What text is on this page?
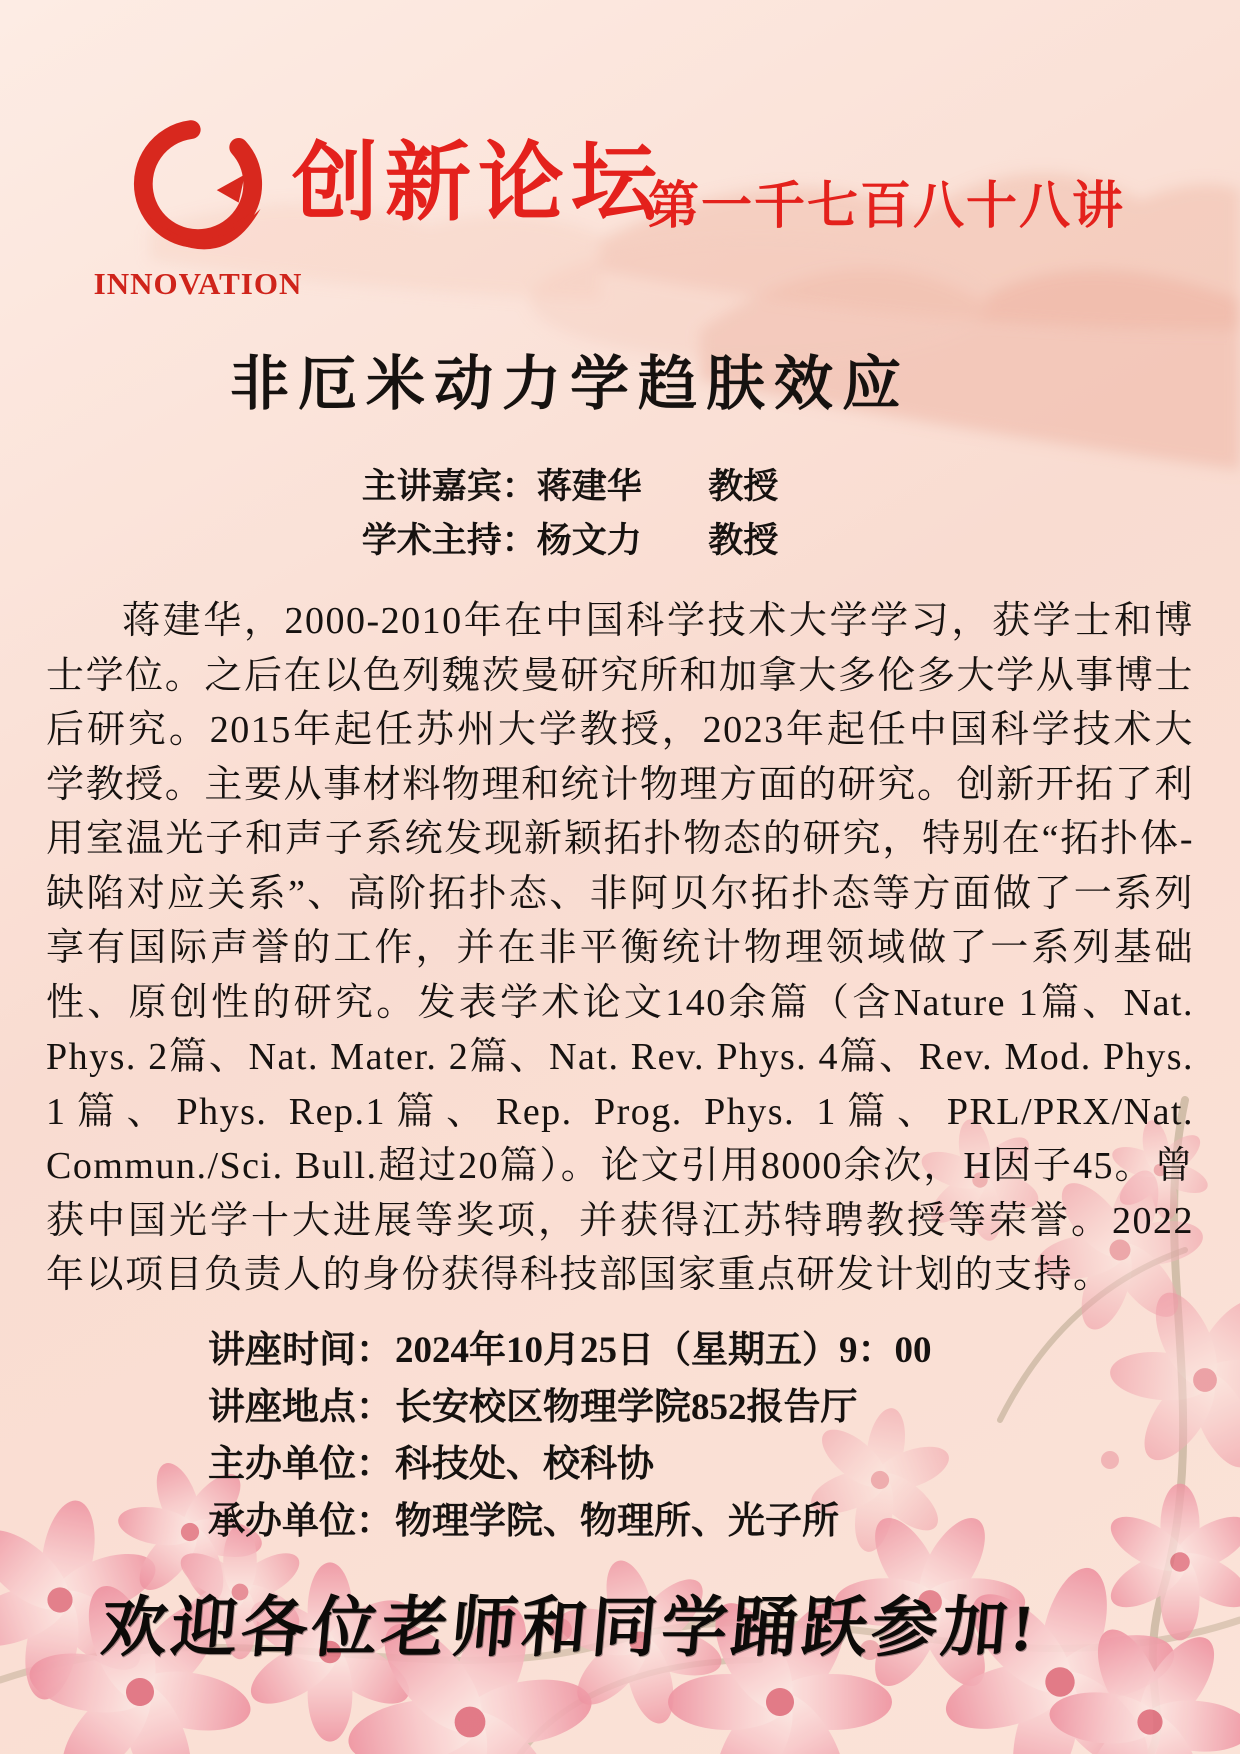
INNOVATION
创新论坛
第一千七百八十八讲
非厄米动力学趋肤效应
主讲嘉宾：蒋建华 教授
学术主持：杨文力 教授

蒋建华，2000-2010年在中国科学技术大学学习，获学士和博士学位。之后在以色列魏茨曼研究所和加拿大多伦多大学从事博士后研究。2015年起任苏州大学教授，2023年起任中国科学技术大学教授。主要从事材料物理和统计物理方面的研究。创新开拓了利用室温光子和声子系统发现新颖拓扑物态的研究，特别在“拓扑体-缺陷对应关系”、高阶拓扑态、非阿贝尔拓扑态等方面做了一系列享有国际声誉的工作，并在非平衡统计物理领域做了一系列基础性、原创性的研究。发表学术论文140余篇（含Nature 1篇、Nat. Phys. 2篇、Nat. Mater. 2篇、Nat. Rev. Phys. 4篇、Rev. Mod. Phys. 1篇、Phys. Rep.1篇、Rep. Prog. Phys. 1篇、PRL/PRX/Nat. Commun./Sci. Bull.超过20篇）。论文引用8000余次，H因子45。曾获中国光学十大进展等奖项，并获得江苏特聘教授等荣誉。2022年以项目负责人的身份获得科技部国家重点研发计划的支持。

讲座时间：2024年10月25日（星期五）9：00
讲座地点：长安校区物理学院852报告厅
主办单位：科技处、校科协
承办单位：物理学院、物理所、光子所
欢迎各位老师和同学踊跃参加!
